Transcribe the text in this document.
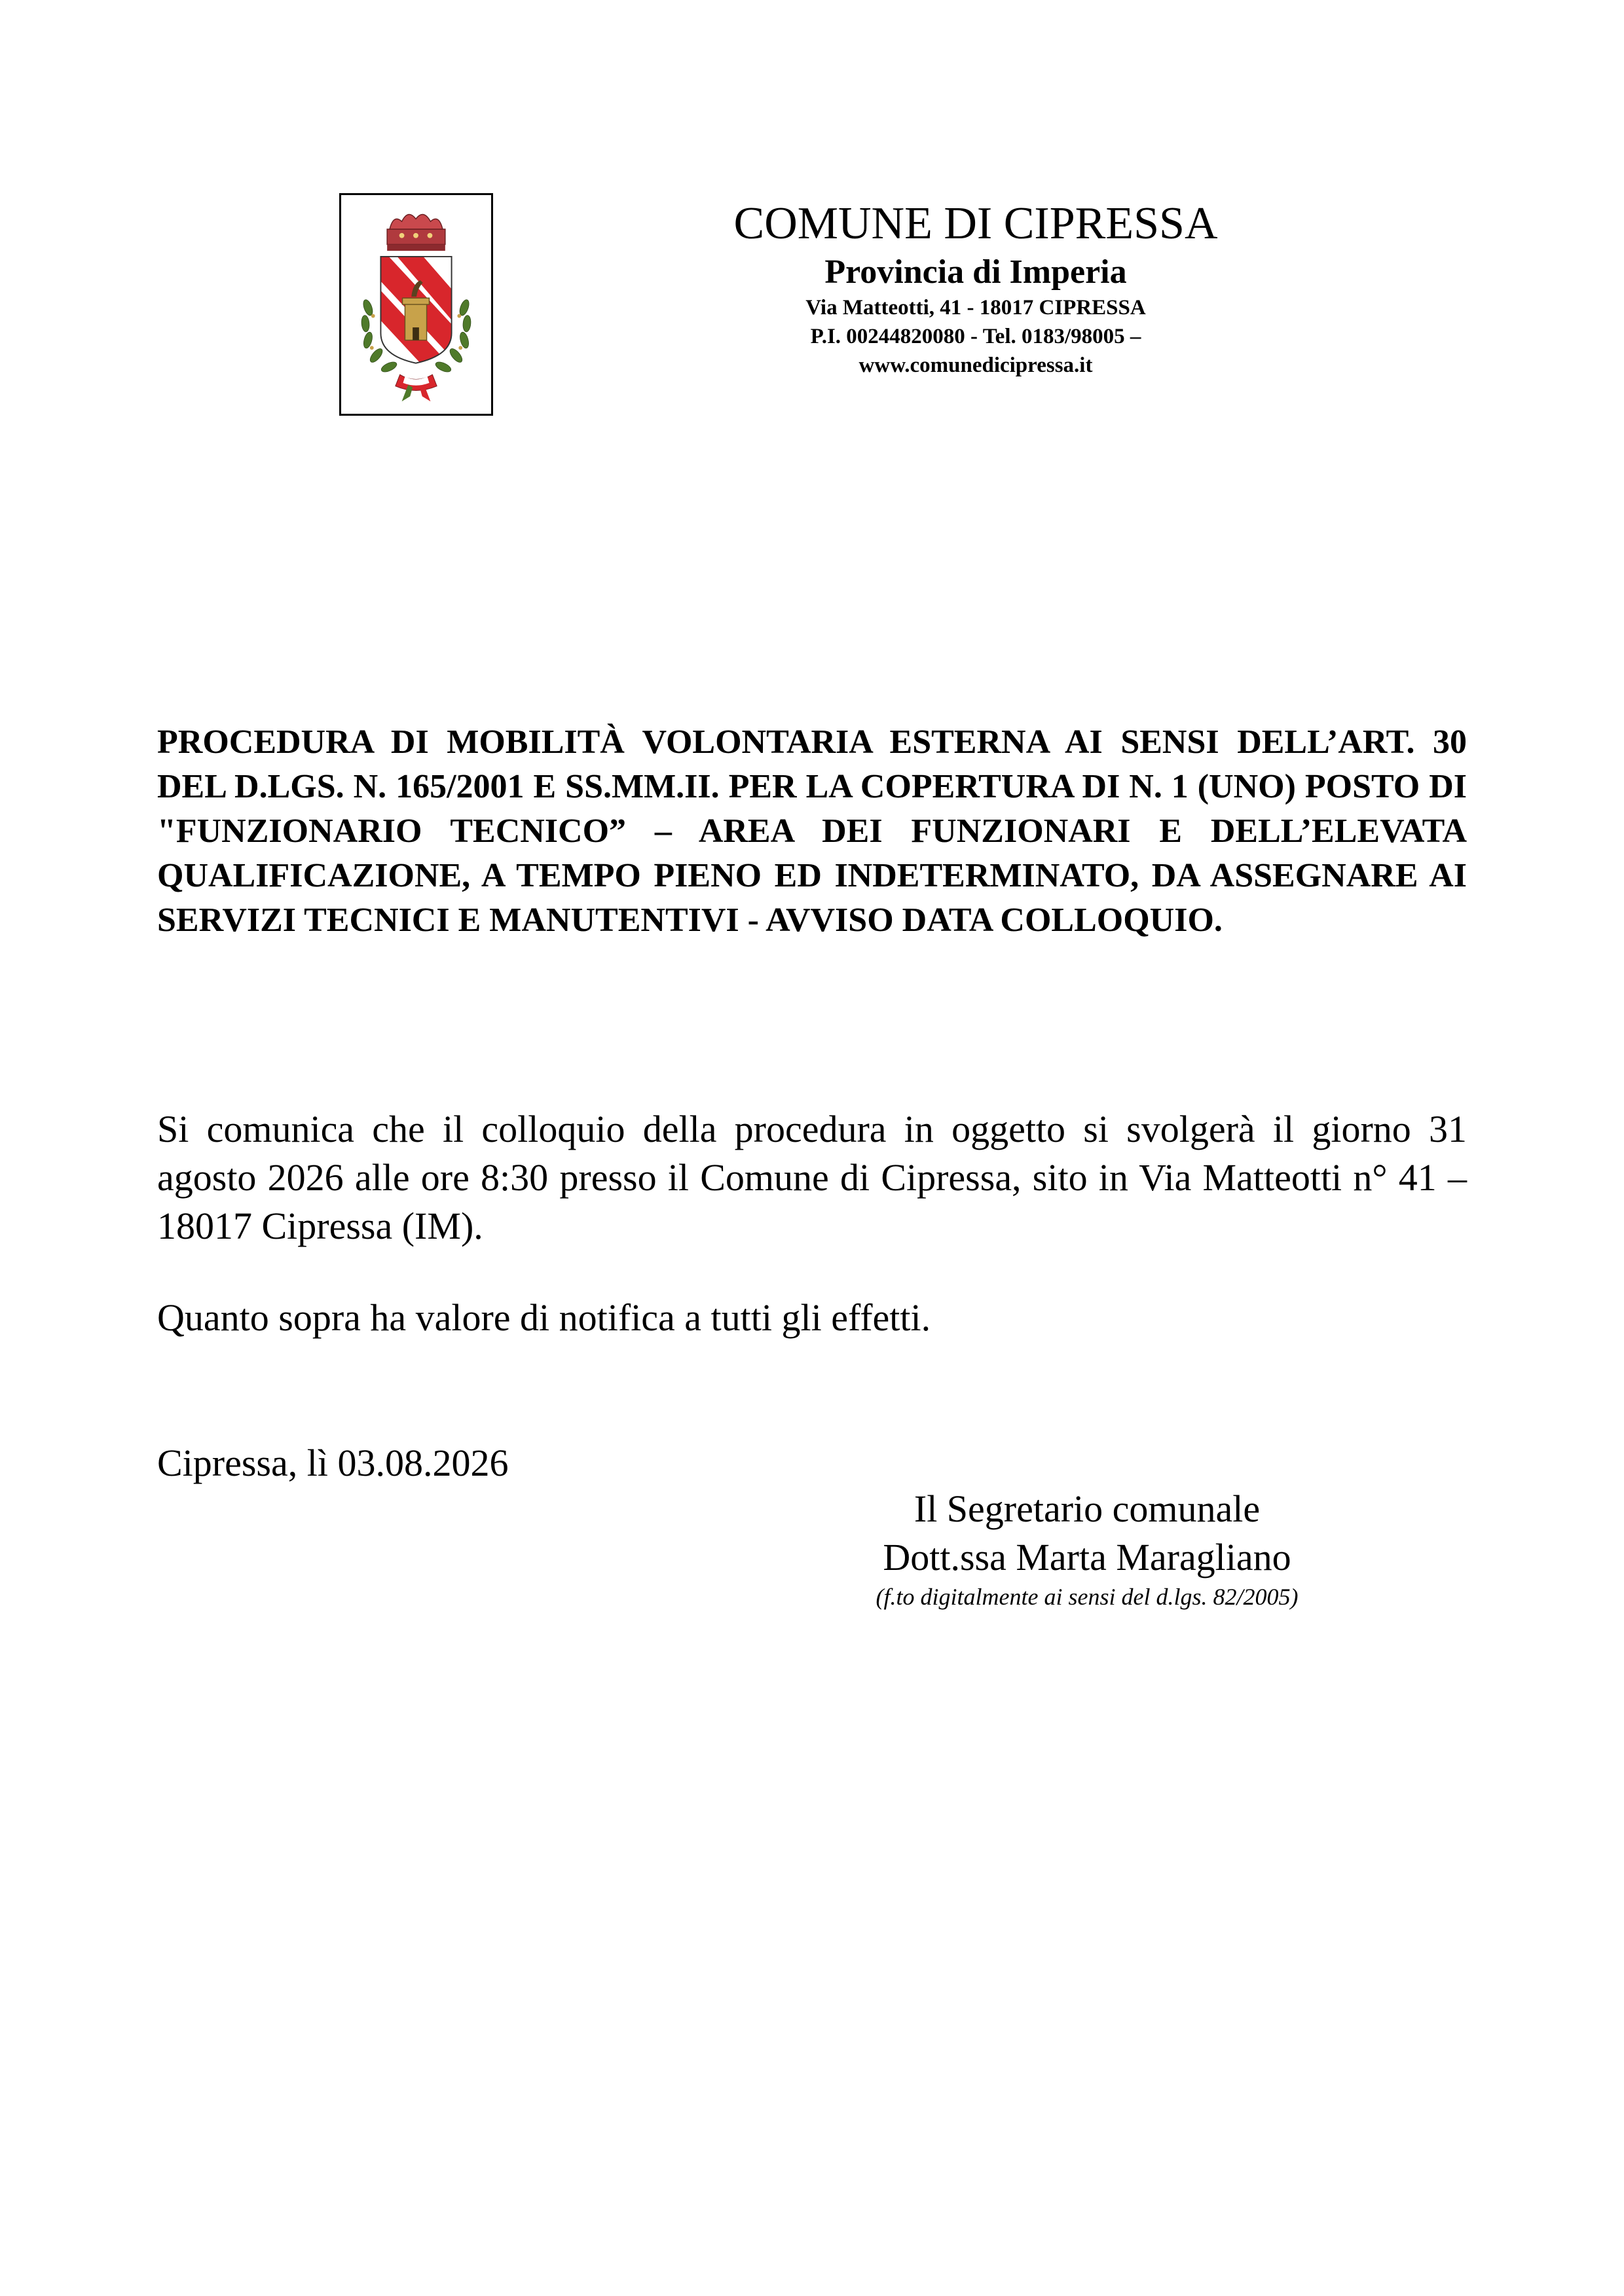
COMUNE DI CIPRESSA
Provincia di Imperia
Via Matteotti, 41 - 18017 CIPRESSA
P.I. 00244820080 - Tel. 0183/98005 –
www.comunedicipressa.it
PROCEDURA DI MOBILITÀ VOLONTARIA ESTERNA AI SENSI DELL’ART. 30 DEL D.LGS. N. 165/2001 E SS.MM.II. PER LA COPERTURA DI N. 1 (UNO) POSTO DI "FUNZIONARIO TECNICO” – AREA DEI FUNZIONARI E DELL’ELEVATA QUALIFICAZIONE, A TEMPO PIENO ED INDETERMINATO, DA ASSEGNARE AI SERVIZI TECNICI E MANUTENTIVI - AVVISO DATA COLLOQUIO.
Si comunica che il colloquio della procedura in oggetto si svolgerà il giorno 31 agosto 2026 alle ore 8:30 presso il Comune di Cipressa, sito in Via Matteotti n° 41 – 18017 Cipressa (IM).
Quanto sopra ha valore di notifica a tutti gli effetti.
Cipressa, lì 03.08.2026
Il Segretario comunale
Dott.ssa Marta Maragliano
(f.to digitalmente ai sensi del d.lgs. 82/2005)
